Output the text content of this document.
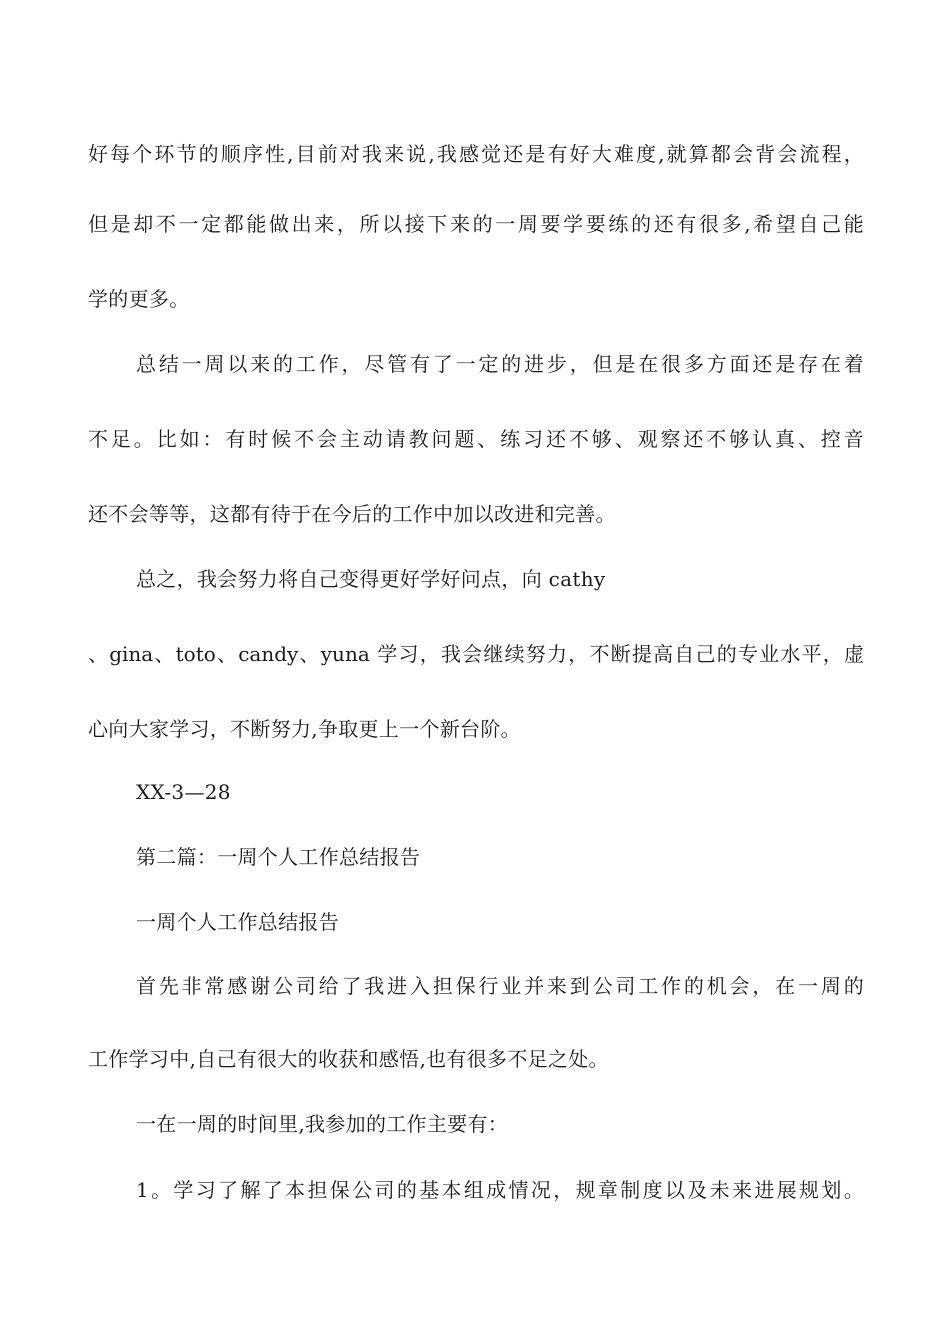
好每个环节的顺序性,目前对我来说,我感觉还是有好大难度,就算都会背会流程，
但是却不一定都能做出来，所以接下来的一周要学要练的还有很多,希望自己能
学的更多。
总结一周以来的工作，尽管有了一定的进步，但是在很多方面还是存在着
不足。比如：有时候不会主动请教问题、练习还不够、观察还不够认真、控音
还不会等等，这都有待于在今后的工作中加以改进和完善。
总之，我会努力将自己变得更好学好问点，向 cathy
、gina、toto、candy、yuna 学习，我会继续努力，不断提高自己的专业水平，虚
心向大家学习，不断努力,争取更上一个新台阶。
XX-3—28
第二篇：一周个人工作总结报告
一周个人工作总结报告
首先非常感谢公司给了我进入担保行业并来到公司工作的机会，在一周的
工作学习中,自己有很大的收获和感悟,也有很多不足之处。
一在一周的时间里,我参加的工作主要有：
1。学习了解了本担保公司的基本组成情况，规章制度以及未来进展规划。
